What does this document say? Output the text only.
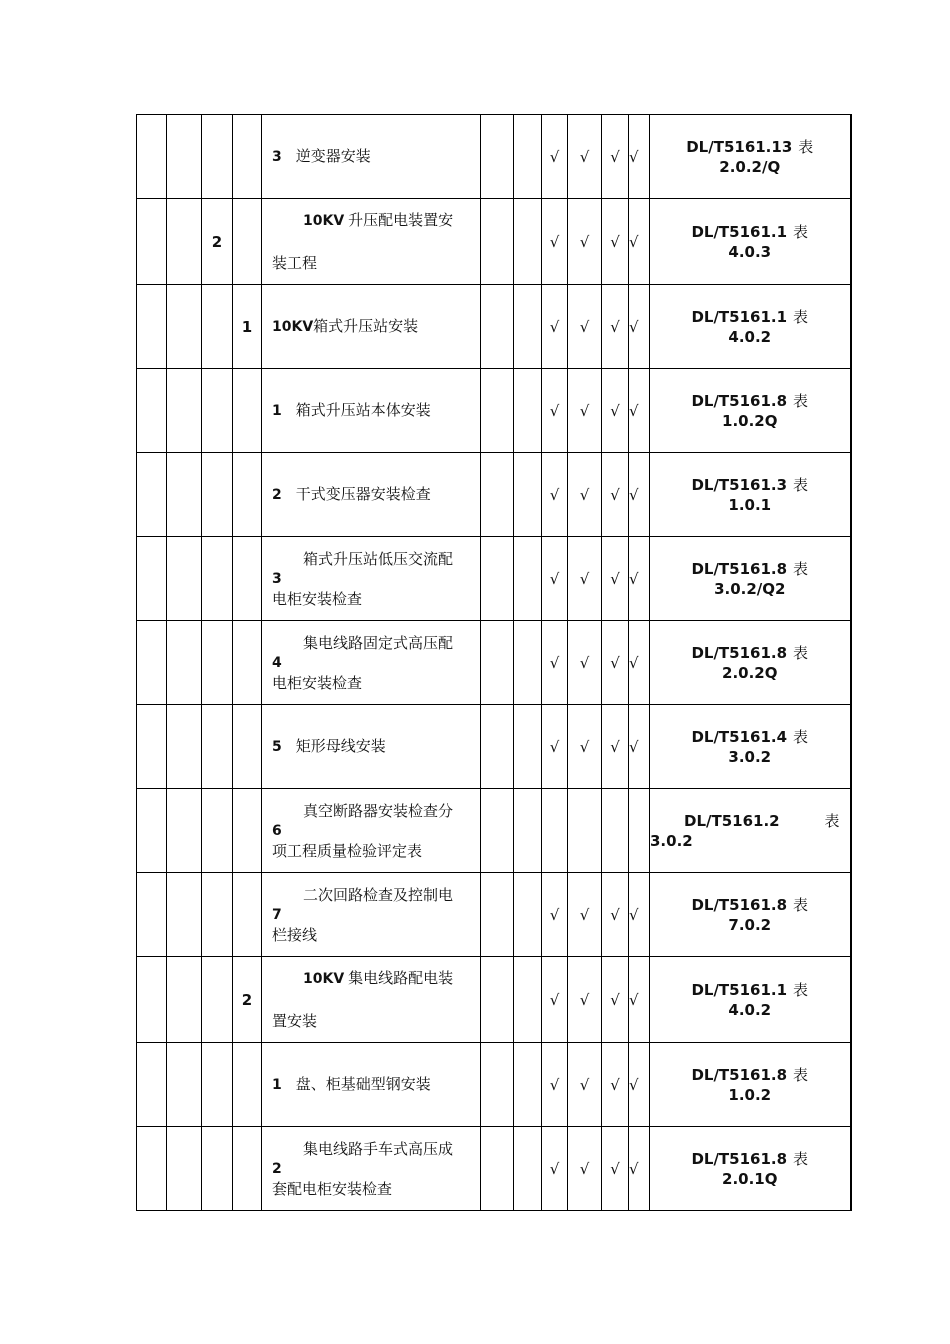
				3 逆变器安装			√	√	√	√	DL/T5161.13 表
2.0.2/Q

		2		10KV 升压配电装置安
装工程			√	√	√	√	DL/T5161.1 表
4.0.3

			1	10KV箱式升压站安装			√	√	√	√	DL/T5161.1 表
4.0.2

				1 箱式升压站本体安装			√	√	√	√	DL/T5161.8 表
1.0.2Q

				2 干式变压器安装检查			√	√	√	√	DL/T5161.3 表
1.0.1

				箱式升压站低压交流配
3
电柜安装检查			√	√	√	√	DL/T5161.8 表
3.0.2/Q2

				集电线路固定式高压配
4
电柜安装检查			√	√	√	√	DL/T5161.8 表
2.0.2Q

				5 矩形母线安装			√	√	√	√	DL/T5161.4 表
3.0.2

				真空断路器安装检查分
6
项工程质量检验评定表							DL/T5161.2 表
3.0.2

				二次回路检查及控制电
7
栏接线			√	√	√	√	DL/T5161.8 表
7.0.2

			2	10KV 集电线路配电装
置安装			√	√	√	√	DL/T5161.1 表
4.0.2

				1 盘、柜基础型钢安装			√	√	√	√	DL/T5161.8 表
1.0.2

				集电线路手车式高压成
2
套配电柜安装检查			√	√	√	√	DL/T5161.8 表
2.0.1Q
